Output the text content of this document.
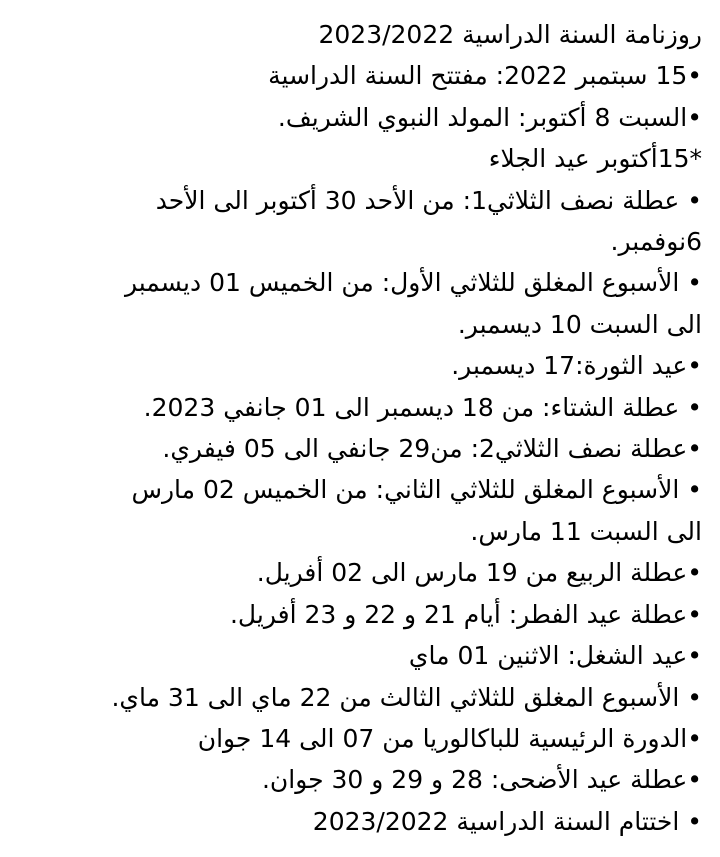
روزنامة السنة الدراسية 2023/2022
•15 سبتمبر 2022: مفتتح السنة الدراسية
•السبت 8 أكتوبر: المولد النبوي الشريف.
*15أكتوبر عيد الجلاء
• عطلة نصف الثلاثي1: من الأحد 30 أكتوبر الى الأحد
6نوفمبر.
• الأسبوع المغلق للثلاثي الأول: من الخميس 01 ديسمبر
الى السبت 10 ديسمبر.
•عيد الثورة:17 ديسمبر.
• عطلة الشتاء: من 18 ديسمبر الى 01 جانفي 2023.
•عطلة نصف الثلاثي2: من29 جانفي الى 05 فيفري.
• الأسبوع المغلق للثلاثي الثاني: من الخميس 02 مارس
الى السبت 11 مارس.
•عطلة الربيع من 19 مارس الى 02 أفريل.
•عطلة عيد الفطر: أيام 21 و 22 و 23 أفريل.
•عيد الشغل: الاثنين 01 ماي
• الأسبوع المغلق للثلاثي الثالث من 22 ماي الى 31 ماي.
•الدورة الرئيسية للباكالوريا من 07 الى 14 جوان
•عطلة عيد الأضحى: 28 و 29 و 30 جوان.
• اختتام السنة الدراسية 2023/2022
